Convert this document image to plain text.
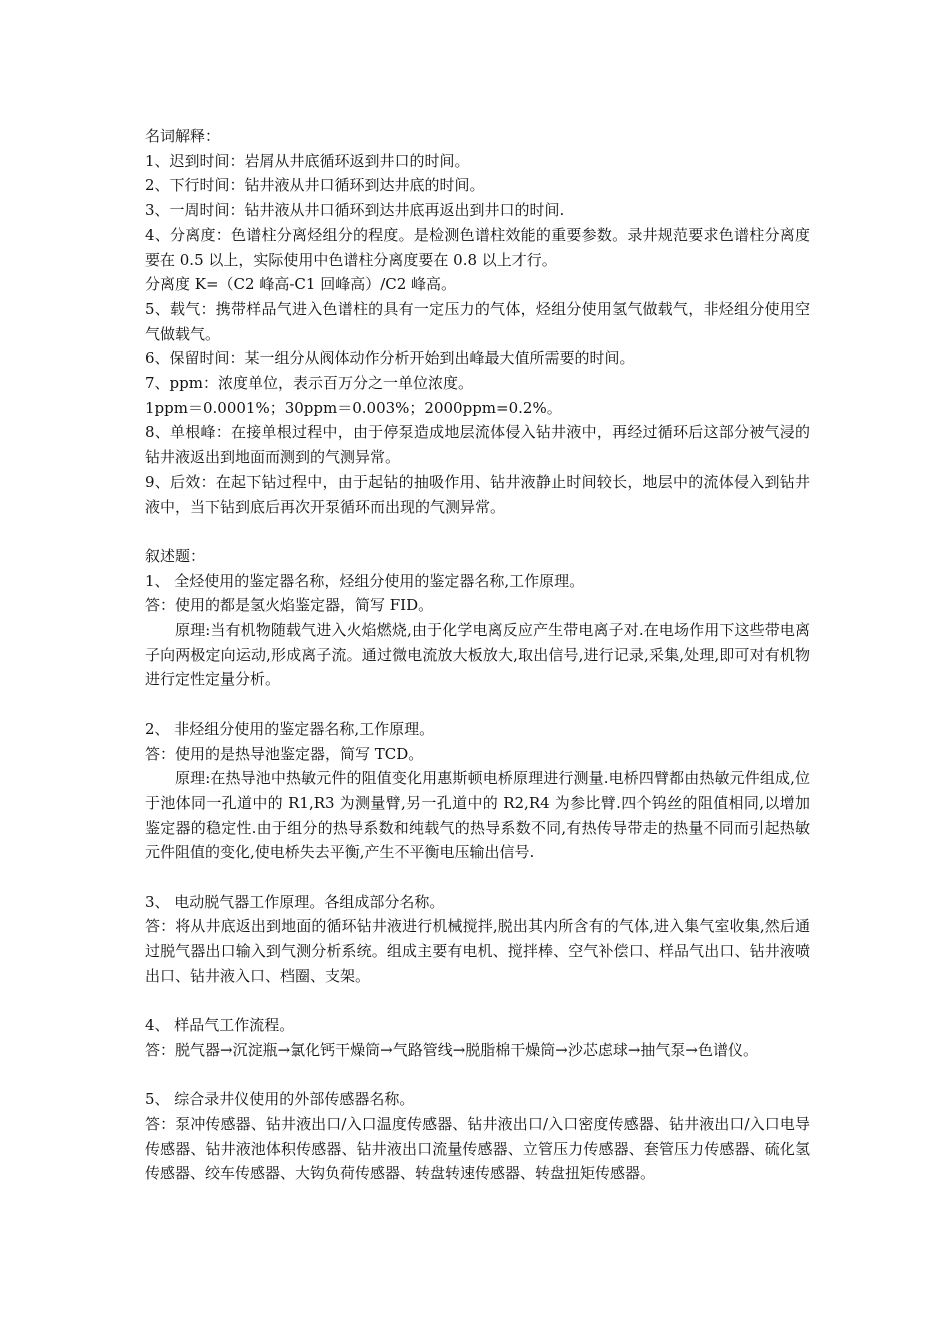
名词解释：

1、迟到时间：岩屑从井底循环返到井口的时间。

2、下行时间：钻井液从井口循环到达井底的时间。

3、一周时间：钻井液从井口循环到达井底再返出到井口的时间.

4、分离度：色谱柱分离烃组分的程度。是检测色谱柱效能的重要参数。录井规范要求色谱柱分离度要在 0.5 以上，实际使用中色谱柱分离度要在 0.8 以上才行。

分离度 K=（C2 峰高-C1 回峰高）/C2 峰高。

5、载气：携带样品气进入色谱柱的具有一定压力的气体，烃组分使用氢气做载气，非烃组分使用空气做载气。

6、保留时间：某一组分从阀体动作分析开始到出峰最大值所需要的时间。

7、ppm：浓度单位，表示百万分之一单位浓度。

1ppm＝0.0001%；30ppm＝0.003%；2000ppm=0.2%。

8、单根峰：在接单根过程中，由于停泵造成地层流体侵入钻井液中，再经过循环后这部分被气浸的钻井液返出到地面而测到的气测异常。

9、后效：在起下钻过程中，由于起钻的抽吸作用、钻井液静止时间较长，地层中的流体侵入到钻井液中，当下钻到底后再次开泵循环而出现的气测异常。

叙述题：

1、 全烃使用的鉴定器名称，烃组分使用的鉴定器名称,工作原理。

答：使用的都是氢火焰鉴定器，简写 FID。

原理:当有机物随载气进入火焰燃烧,由于化学电离反应产生带电离子对.在电场作用下这些带电离子向两极定向运动,形成离子流。通过微电流放大板放大,取出信号,进行记录,采集,处理,即可对有机物进行定性定量分析。

2、 非烃组分使用的鉴定器名称,工作原理。

答：使用的是热导池鉴定器，简写 TCD。

原理:在热导池中热敏元件的阻值变化用惠斯顿电桥原理进行测量.电桥四臂都由热敏元件组成,位于池体同一孔道中的 R1,R3 为测量臂,另一孔道中的 R2,R4 为参比臂.四个钨丝的阻值相同,以增加鉴定器的稳定性.由于组分的热导系数和纯载气的热导系数不同,有热传导带走的热量不同而引起热敏元件阻值的变化,使电桥失去平衡,产生不平衡电压输出信号.

3、 电动脱气器工作原理。各组成部分名称。

答：将从井底返出到地面的循环钻井液进行机械搅拌,脱出其内所含有的气体,进入集气室收集,然后通过脱气器出口输入到气测分析系统。组成主要有电机、搅拌棒、空气补偿口、样品气出口、钻井液喷出口、钻井液入口、档圈、支架。

4、 样品气工作流程。

答：脱气器→沉淀瓶→氯化钙干燥筒→气路管线→脱脂棉干燥筒→沙芯虑球→抽气泵→色谱仪。

5、 综合录井仪使用的外部传感器名称。

答：泵冲传感器、钻井液出口/入口温度传感器、钻井液出口/入口密度传感器、钻井液出口/入口电导传感器、钻井液池体积传感器、钻井液出口流量传感器、立管压力传感器、套管压力传感器、硫化氢传感器、绞车传感器、大钩负荷传感器、转盘转速传感器、转盘扭矩传感器。
